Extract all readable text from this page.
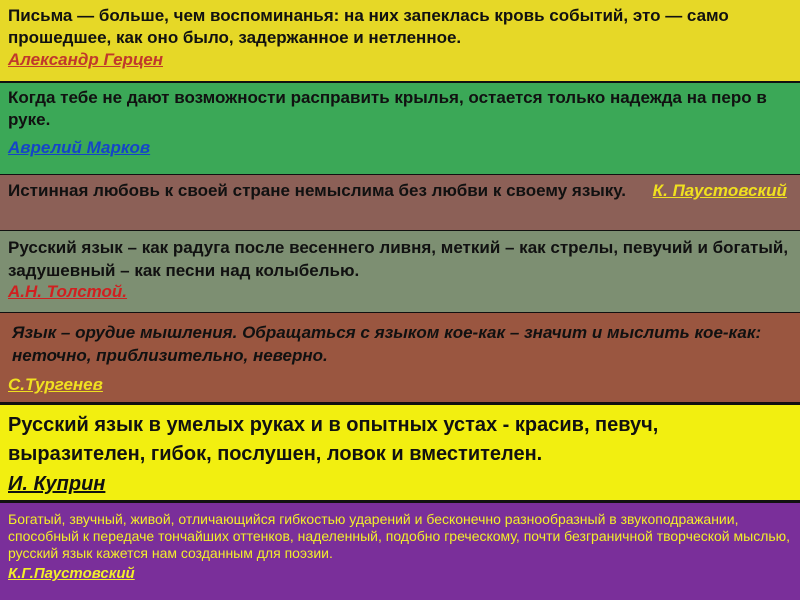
Письма — больше, чем воспоминанья: на них запеклась кровь событий, это — само прошедшее, как оно было, задержанное и нетленное.
Александр Герцен
Когда тебе не дают возможности расправить крылья, остается только надежда на перо в руке.
Аврелий Марков
Истинная любовь к своей стране немыслима без любви к своему языку. К. Паустовский
Русский язык – как радуга после весеннего ливня, меткий – как стрелы, певучий и богатый, задушевный – как песни над колыбелью.
А.Н. Толстой.
Язык – орудие мышления. Обращаться с языком кое-как – значит и мыслить кое-как: неточно, приблизительно, неверно.
С.Тургенев
Русский язык в умелых руках и в опытных устах - красив, певуч, выразителен, гибок, послушен, ловок и вместителен.
И. Куприн
Богатый, звучный, живой, отличающийся гибкостью ударений и бесконечно разнообразный в звукоподражании, способный к передаче тончайших оттенков, наделенный, подобно греческому, почти безграничной творческой мыслью, русский язык кажется нам созданным для поэзии.
К.Г.Паустовский
